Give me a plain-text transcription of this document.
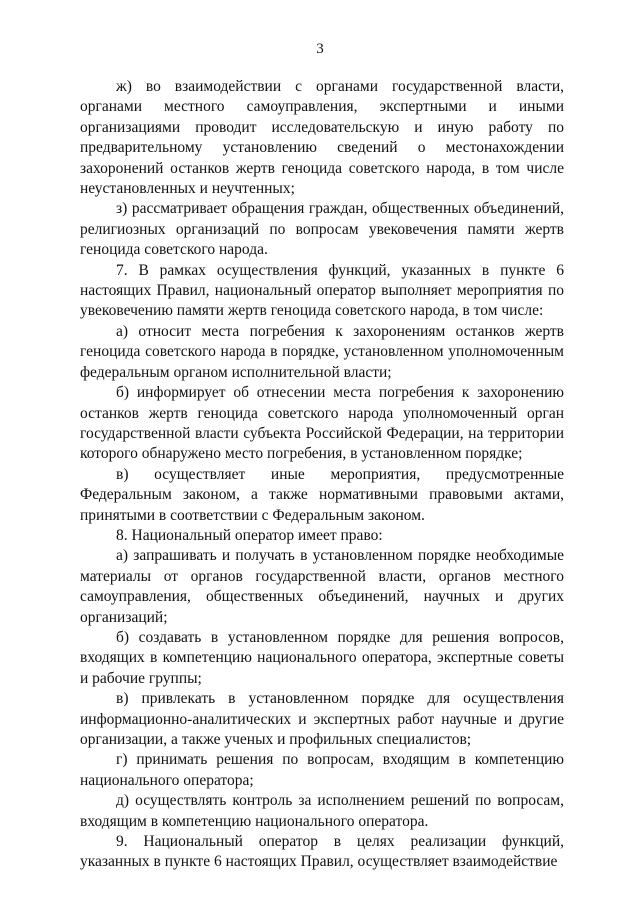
3

ж) во взаимодействии с органами государственной власти, органами местного самоуправления, экспертными и иными организациями проводит исследовательскую и иную работу по предварительному установлению сведений о местонахождении захоронений останков жертв геноцида советского народа, в том числе неустановленных и неучтенных;

з) рассматривает обращения граждан, общественных объединений, религиозных организаций по вопросам увековечения памяти жертв геноцида советского народа.

7. В рамках осуществления функций, указанных в пункте 6 настоящих Правил, национальный оператор выполняет мероприятия по увековечению памяти жертв геноцида советского народа, в том числе:

а) относит места погребения к захоронениям останков жертв геноцида советского народа в порядке, установленном уполномоченным федеральным органом исполнительной власти;

б) информирует об отнесении места погребения к захоронению останков жертв геноцида советского народа уполномоченный орган государственной власти субъекта Российской Федерации, на территории которого обнаружено место погребения, в установленном порядке;

в) осуществляет иные мероприятия, предусмотренные Федеральным законом, а также нормативными правовыми актами, принятыми в соответствии с Федеральным законом.

8. Национальный оператор имеет право:

а) запрашивать и получать в установленном порядке необходимые материалы от органов государственной власти, органов местного самоуправления, общественных объединений, научных и других организаций;

б) создавать в установленном порядке для решения вопросов, входящих в компетенцию национального оператора, экспертные советы и рабочие группы;

в) привлекать в установленном порядке для осуществления информационно-аналитических и экспертных работ научные и другие организации, а также ученых и профильных специалистов;

г) принимать решения по вопросам, входящим в компетенцию национального оператора;

д) осуществлять контроль за исполнением решений по вопросам, входящим в компетенцию национального оператора.

9. Национальный оператор в целях реализации функций, указанных в пункте 6 настоящих Правил, осуществляет взаимодействие
